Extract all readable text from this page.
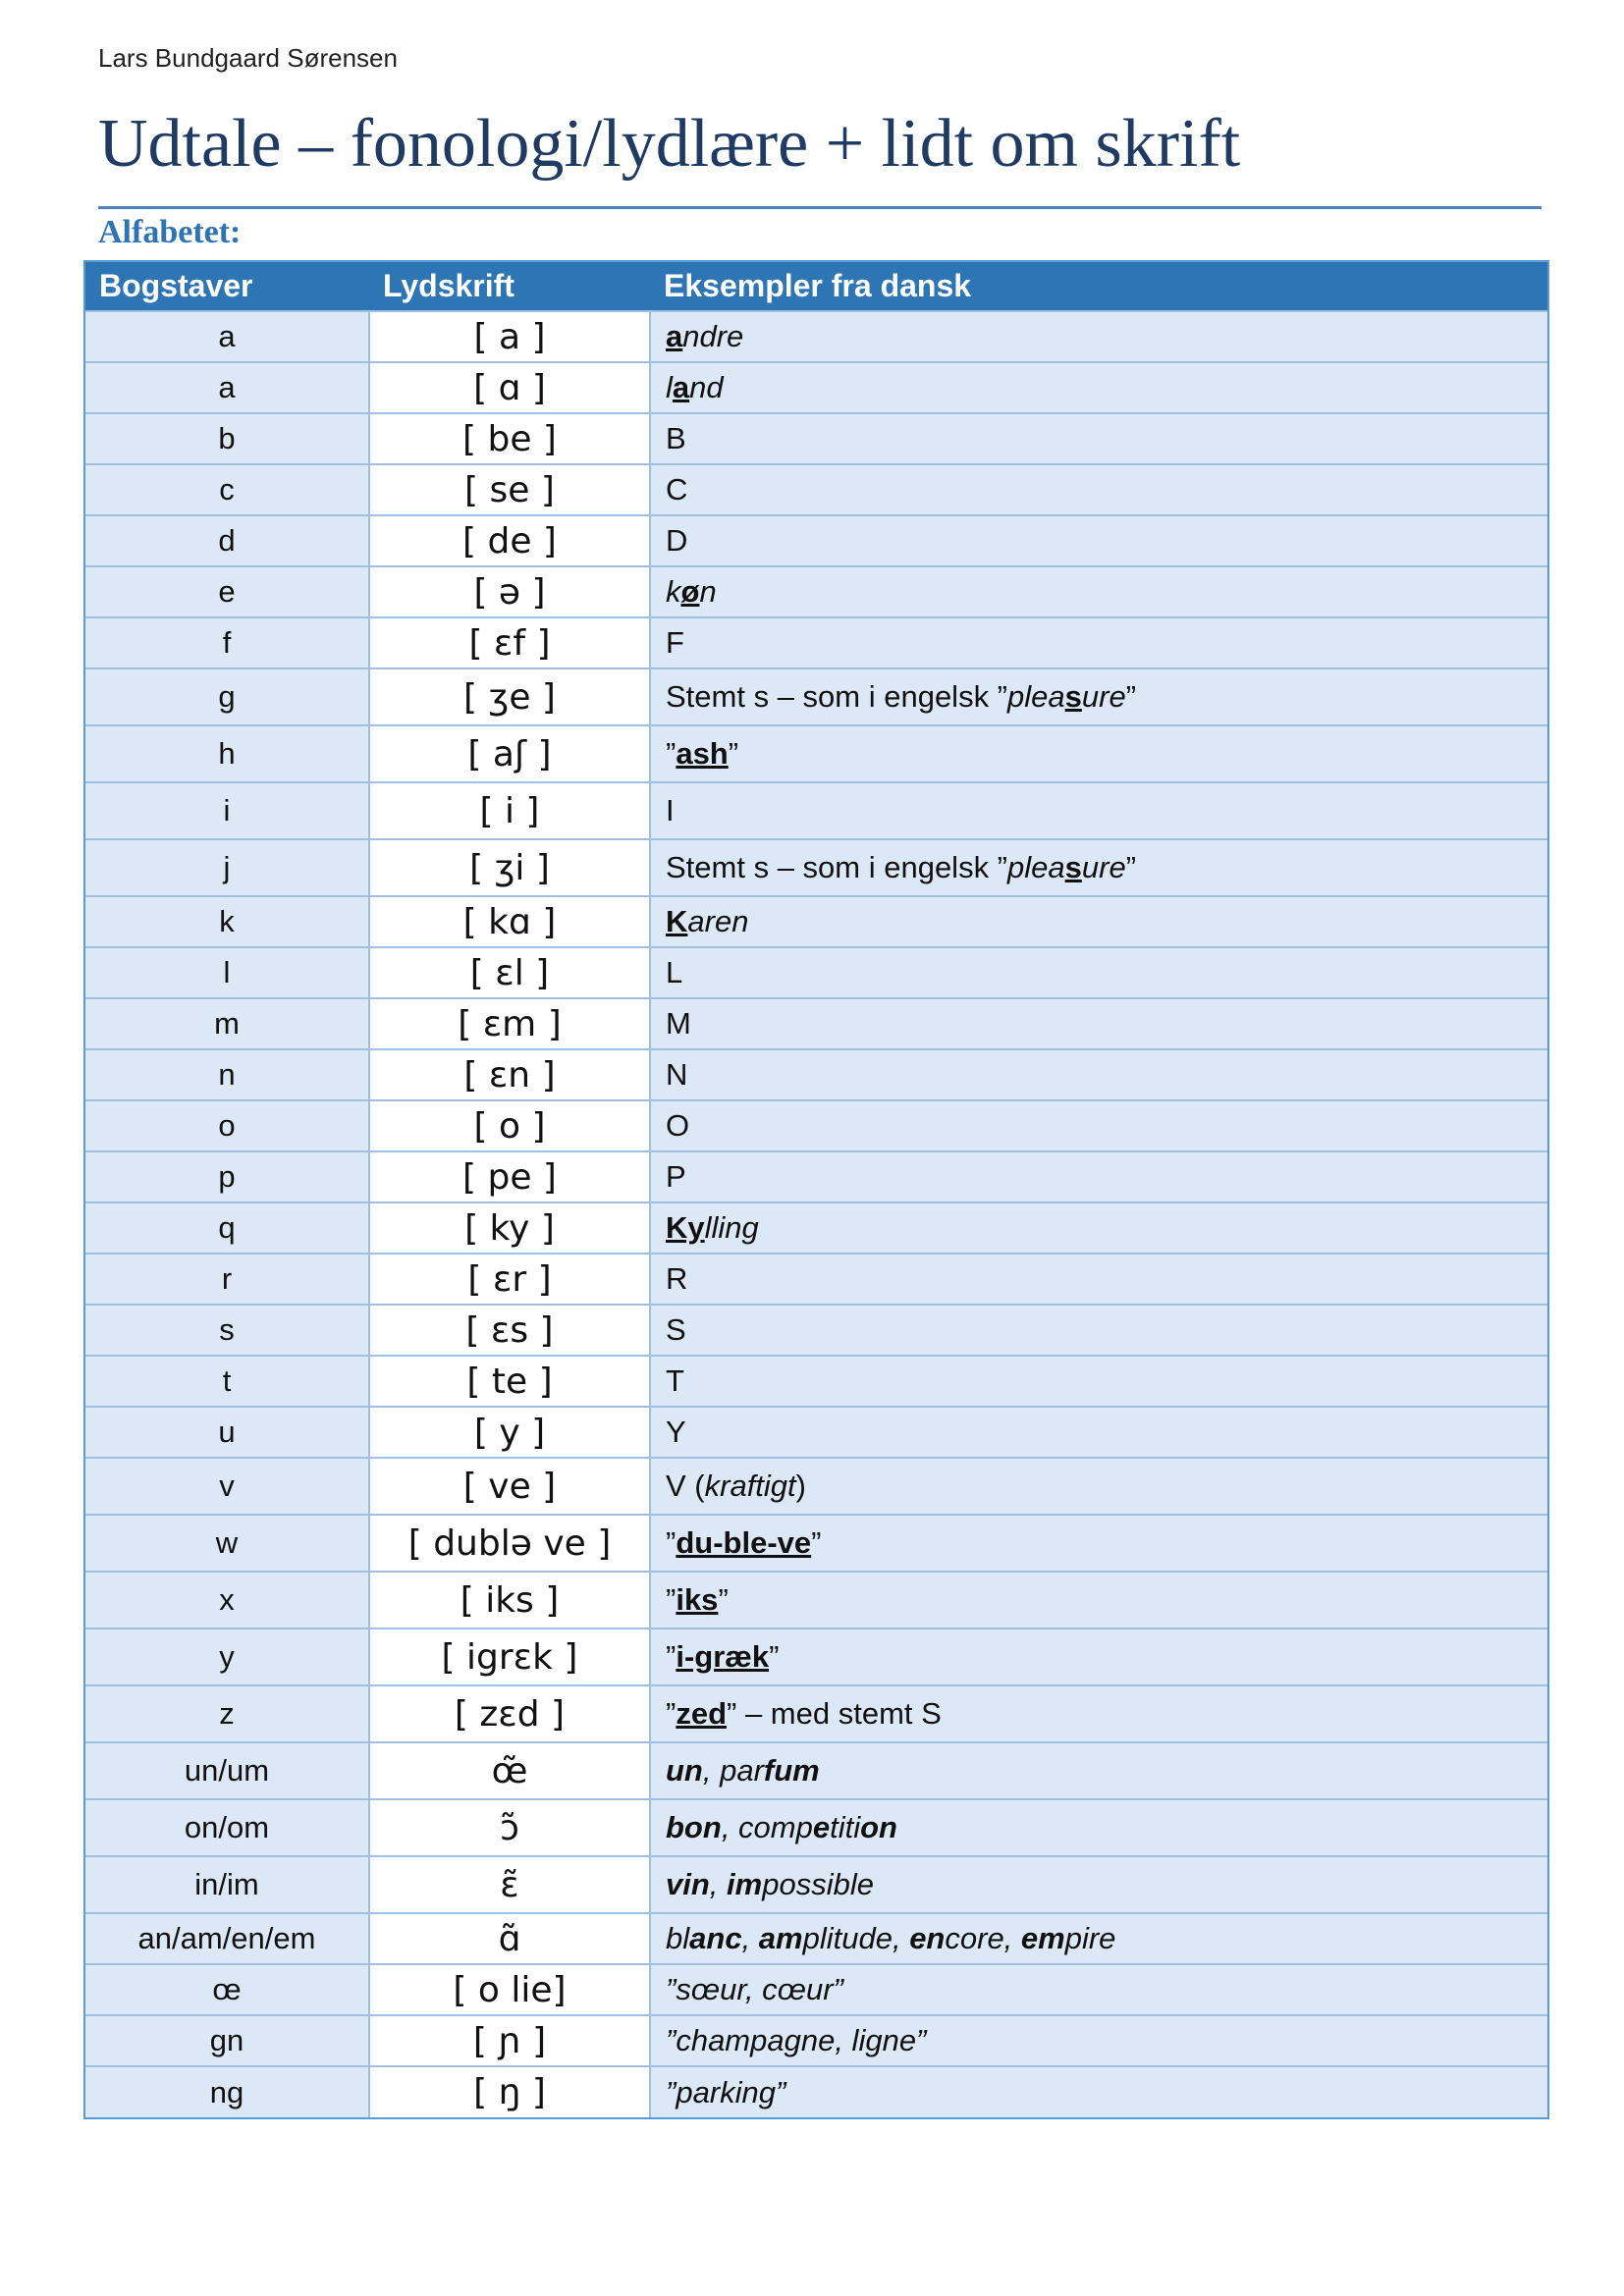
Lars Bundgaard Sørensen
Udtale – fonologi/lydlære + lidt om skrift
Alfabetet:
Bogstaver	Lydskrift	Eksempler fra dansk
a	[ a ]	andre
a	[ ɑ ]	land
b	[ be ]	B
c	[ se ]	C
d	[ de ]	D
e	[ ə ]	køn
f	[ ɛf ]	F
g	[ ʒe ]	Stemt s – som i engelsk ”pleasure”
h	[ aʃ ]	”ash”
i	[ i ]	I
j	[ ʒi ]	Stemt s – som i engelsk ”pleasure”
k	[ kɑ ]	Karen
l	[ ɛl ]	L
m	[ ɛm ]	M
n	[ ɛn ]	N
o	[ o ]	O
p	[ pe ]	P
q	[ ky ]	Kylling
r	[ ɛr ]	R
s	[ ɛs ]	S
t	[ te ]	T
u	[ y ]	Y
v	[ ve ]	V (kraftigt)
w	[ dublə ve ]	”du-ble-ve”
x	[ iks ]	”iks”
y	[ igrɛk ]	”i-græk”
z	[ zɛd ]	”zed” – med stemt S
un/um	œ̃	un, parfum
on/om	ɔ̃	bon, competition
in/im	ɛ̃	vin, impossible
an/am/en/em	ɑ̃	blanc, amplitude, encore, empire
œ	[ o lie]	”sœur, cœur”
gn	[ ɲ ]	”champagne, ligne”
ng	[ ŋ ]	”parking”
